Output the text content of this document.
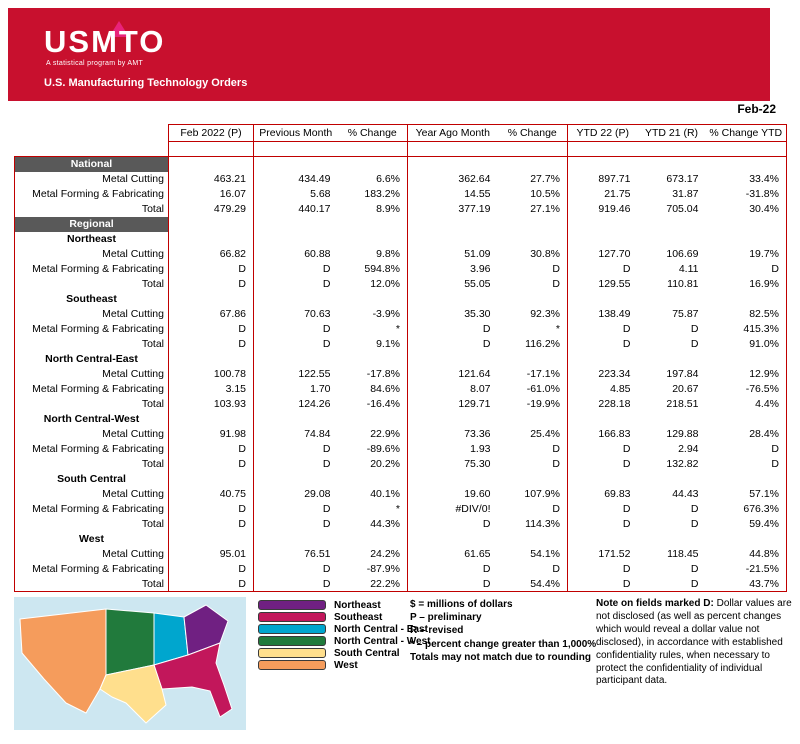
USMTO
A statistical program by AMT
U.S. Manufacturing Technology Orders
Feb-22
	Feb 2022 (P)	Previous Month	% Change	Year Ago Month	% Change	YTD 22 (P)	YTD 21 (R)	% Change YTD

National								
Metal Cutting	463.21	434.49	6.6%	362.64	27.7%	897.71	673.17	33.4%
Metal Forming & Fabricating	16.07	5.68	183.2%	14.55	10.5%	21.75	31.87	-31.8%
Total	479.29	440.17	8.9%	377.19	27.1%	919.46	705.04	30.4%
Regional								
Northeast								
Metal Cutting	66.82	60.88	9.8%	51.09	30.8%	127.70	106.69	19.7%
Metal Forming & Fabricating	D	D	594.8%	3.96	D	D	4.11	D
Total	D	D	12.0%	55.05	D	129.55	110.81	16.9%
Southeast								
Metal Cutting	67.86	70.63	-3.9%	35.30	92.3%	138.49	75.87	82.5%
Metal Forming & Fabricating	D	D	*	D	*	D	D	415.3%
Total	D	D	9.1%	D	116.2%	D	D	91.0%
North Central-East								
Metal Cutting	100.78	122.55	-17.8%	121.64	-17.1%	223.34	197.84	12.9%
Metal Forming & Fabricating	3.15	1.70	84.6%	8.07	-61.0%	4.85	20.67	-76.5%
Total	103.93	124.26	-16.4%	129.71	-19.9%	228.18	218.51	4.4%
North Central-West								
Metal Cutting	91.98	74.84	22.9%	73.36	25.4%	166.83	129.88	28.4%
Metal Forming & Fabricating	D	D	-89.6%	1.93	D	D	2.94	D
Total	D	D	20.2%	75.30	D	D	132.82	D
South Central								
Metal Cutting	40.75	29.08	40.1%	19.60	107.9%	69.83	44.43	57.1%
Metal Forming & Fabricating	D	D	*	#DIV/0!	D	D	D	676.3%
Total	D	D	44.3%	D	114.3%	D	D	59.4%
West								
Metal Cutting	95.01	76.51	24.2%	61.65	54.1%	171.52	118.45	44.8%
Metal Forming & Fabricating	D	D	-87.9%	D	D	D	D	-21.5%
Total	D	D	22.2%	D	54.4%	D	D	43.7%
Northeast
Southeast
North Central - East
North Central - West
South Central
West
$ = millions of dollars
P – preliminary
R – revised
* – percent change greater than 1,000%
Totals may not match due to rounding
Note on fields marked D: Dollar values are not disclosed (as well as percent changes which would reveal a dollar value not disclosed), in accordance with established confidentiality rules, when necessary to protect the confidentiality of individual participant data.
